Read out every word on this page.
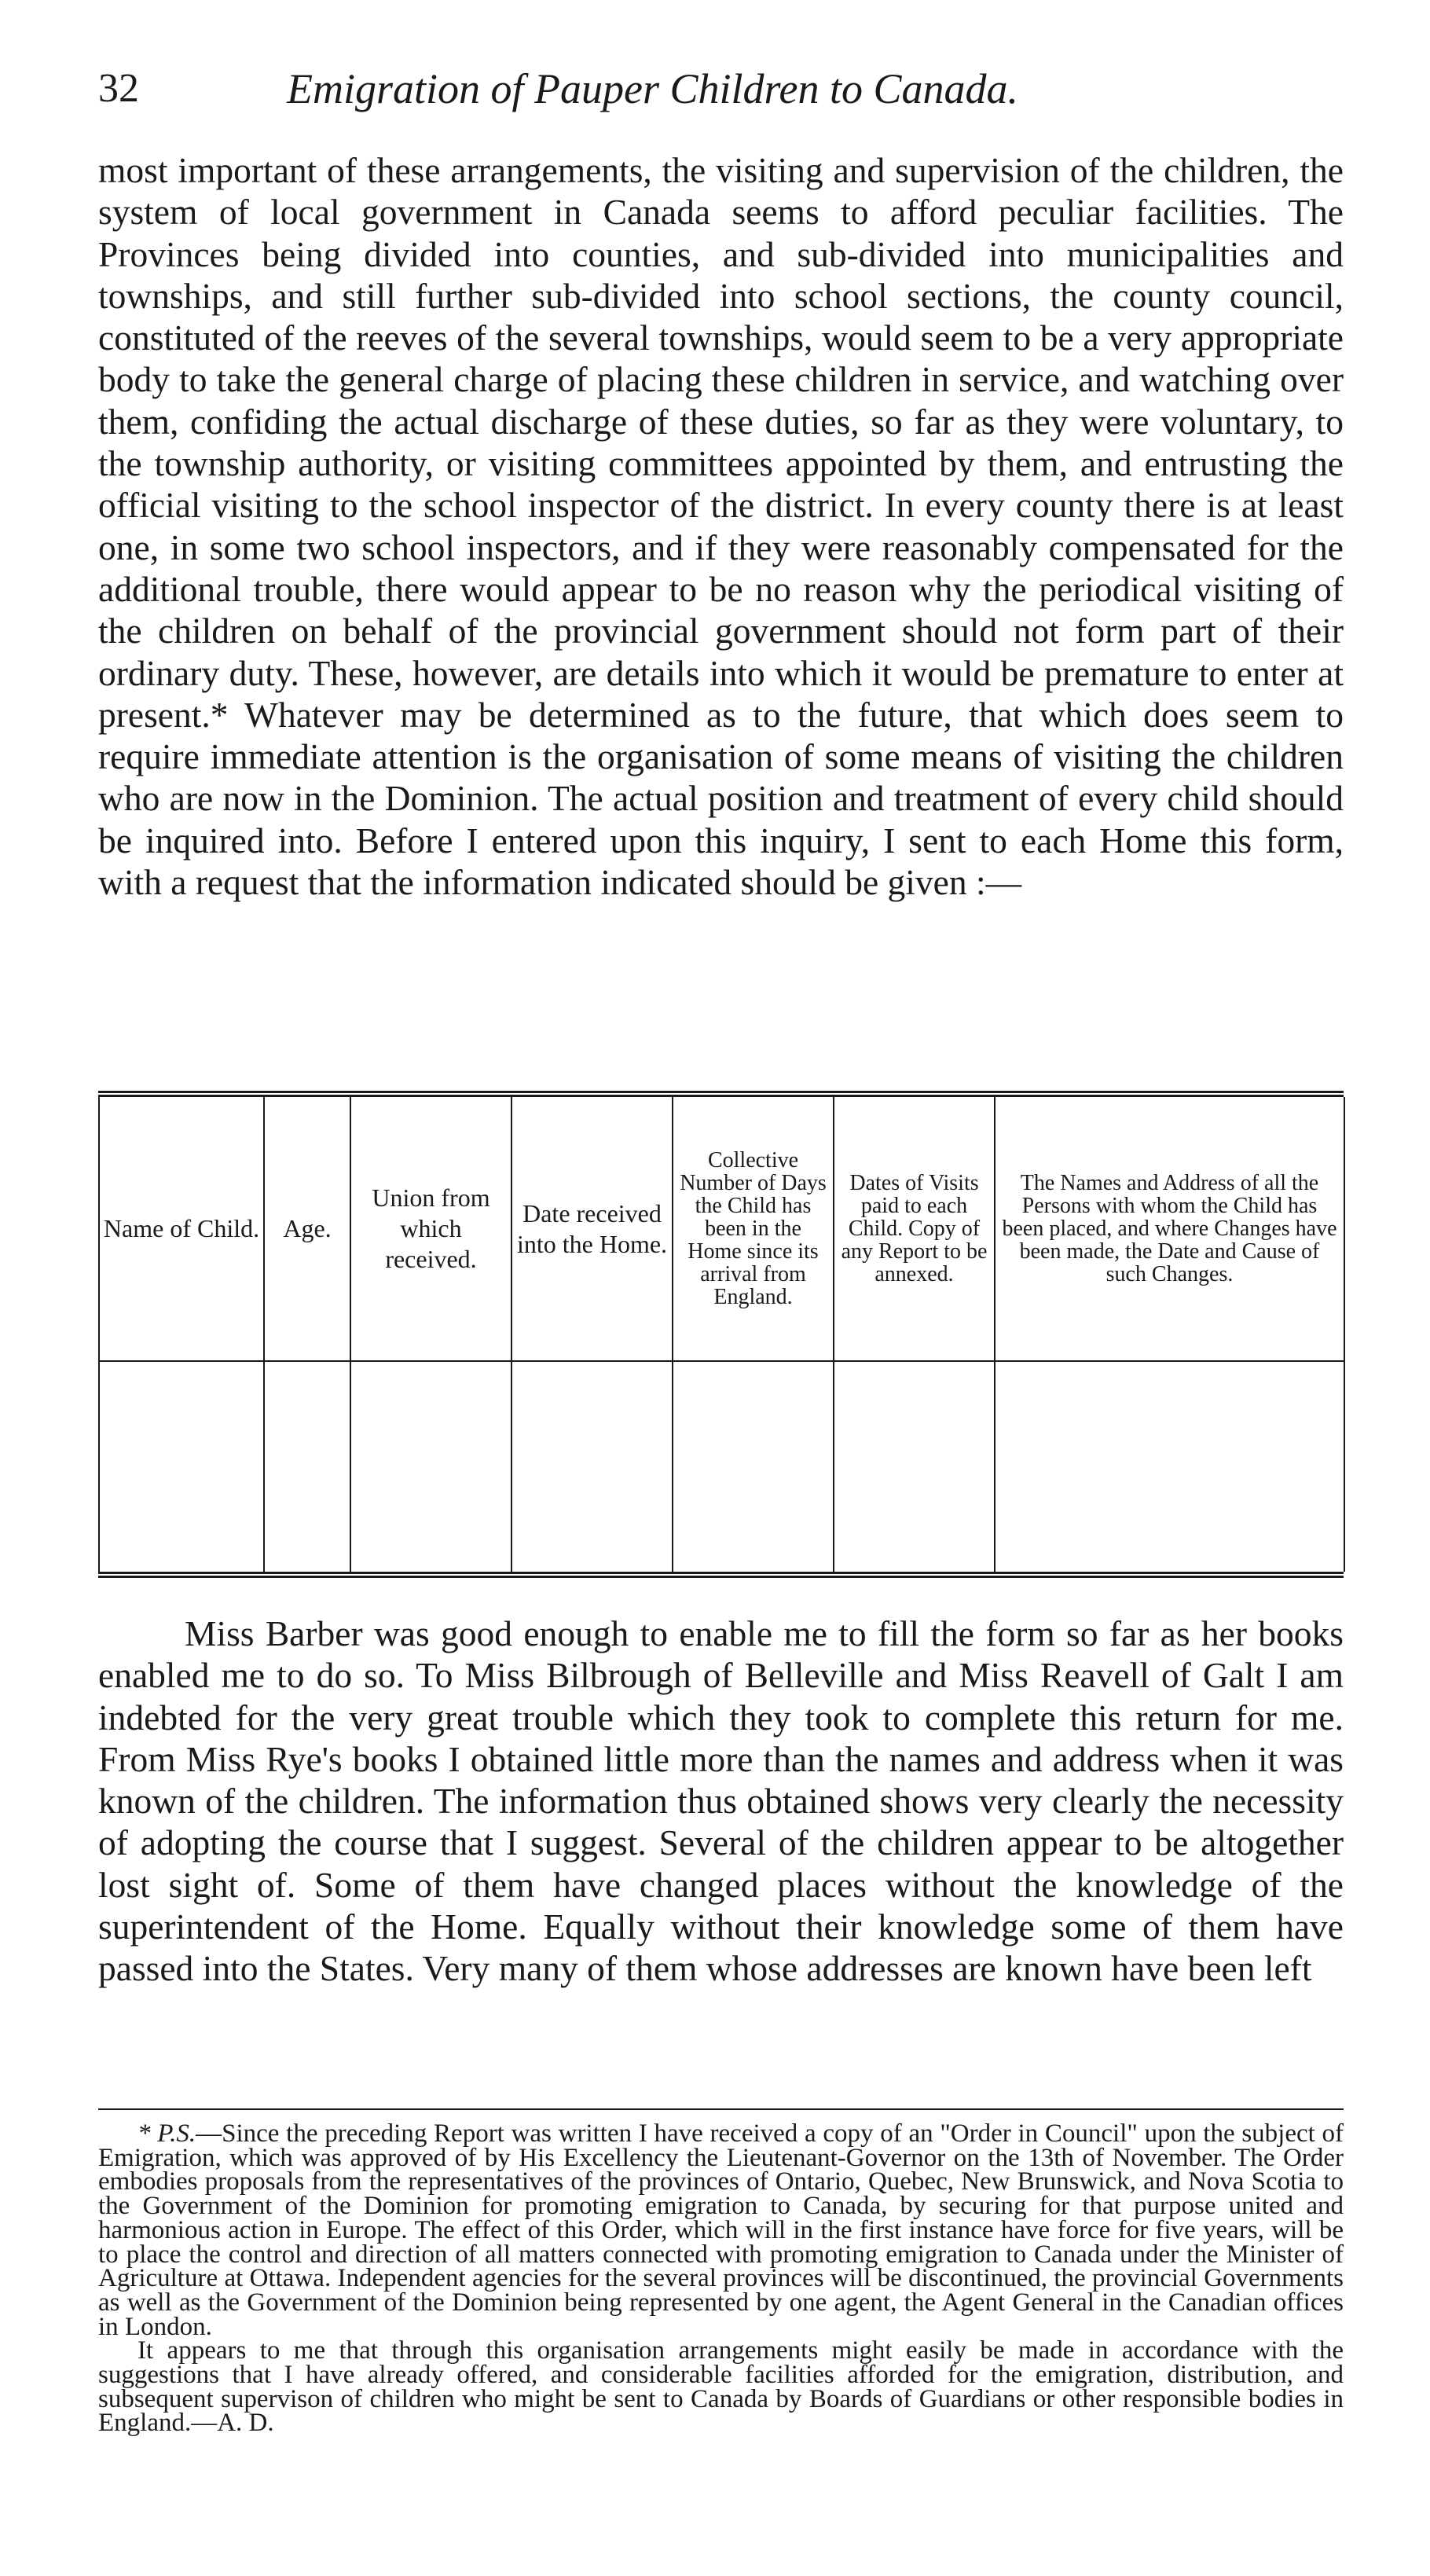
32	Emigration of Pauper Children to Canada.

most important of these arrangements, the visiting and supervision of the children, the system of local government in Canada seems to afford peculiar facilities. The Provinces being divided into counties, and sub-divided into municipalities and townships, and still further sub-divided into school sections, the county council, constituted of the reeves of the several townships, would seem to be a very appropriate body to take the general charge of placing these children in service, and watching over them, confiding the actual discharge of these duties, so far as they were voluntary, to the township authority, or visiting committees appointed by them, and entrusting the official visiting to the school inspector of the district. In every county there is at least one, in some two school inspectors, and if they were reasonably compensated for the additional trouble, there would appear to be no reason why the periodical visiting of the children on behalf of the provincial government should not form part of their ordinary duty. These, however, are details into which it would be premature to enter at present.* Whatever may be determined as to the future, that which does seem to require immediate attention is the organisation of some means of visiting the children who are now in the Dominion. The actual position and treatment of every child should be inquired into. Before I entered upon this inquiry, I sent to each Home this form, with a request that the information indicated should be given :—

Name of Child.	Age.	Union from which received.	Date received into the Home.	Collective Number of Days the Child has been in the Home since its arrival from England.	Dates of Visits paid to each Child. Copy of any Report to be annexed.	The Names and Address of all the Persons with whom the Child has been placed, and where Changes have been made, the Date and Cause of such Changes.

Miss Barber was good enough to enable me to fill the form so far as her books enabled me to do so. To Miss Bilbrough of Belleville and Miss Reavell of Galt I am indebted for the very great trouble which they took to complete this return for me. From Miss Rye's books I obtained little more than the names and address when it was known of the children. The information thus obtained shows very clearly the necessity of adopting the course that I suggest. Several of the children appear to be altogether lost sight of. Some of them have changed places without the knowledge of the superintendent of the Home. Equally without their knowledge some of them have passed into the States. Very many of them whose addresses are known have been left

* P.S.—Since the preceding Report was written I have received a copy of an "Order in Council" upon the subject of Emigration, which was approved of by His Excellency the Lieutenant-Governor on the 13th of November. The Order embodies proposals from the representatives of the provinces of Ontario, Quebec, New Brunswick, and Nova Scotia to the Government of the Dominion for promoting emigration to Canada, by securing for that purpose united and harmonious action in Europe. The effect of this Order, which will in the first instance have force for five years, will be to place the control and direction of all matters connected with promoting emigration to Canada under the Minister of Agriculture at Ottawa. Independent agencies for the several provinces will be discontinued, the provincial Governments as well as the Government of the Dominion being represented by one agent, the Agent General in the Canadian offices in London.

It appears to me that through this organisation arrangements might easily be made in accordance with the suggestions that I have already offered, and considerable facilities afforded for the emigration, distribution, and subsequent supervison of children who might be sent to Canada by Boards of Guardians or other responsible bodies in England.—A. D.
